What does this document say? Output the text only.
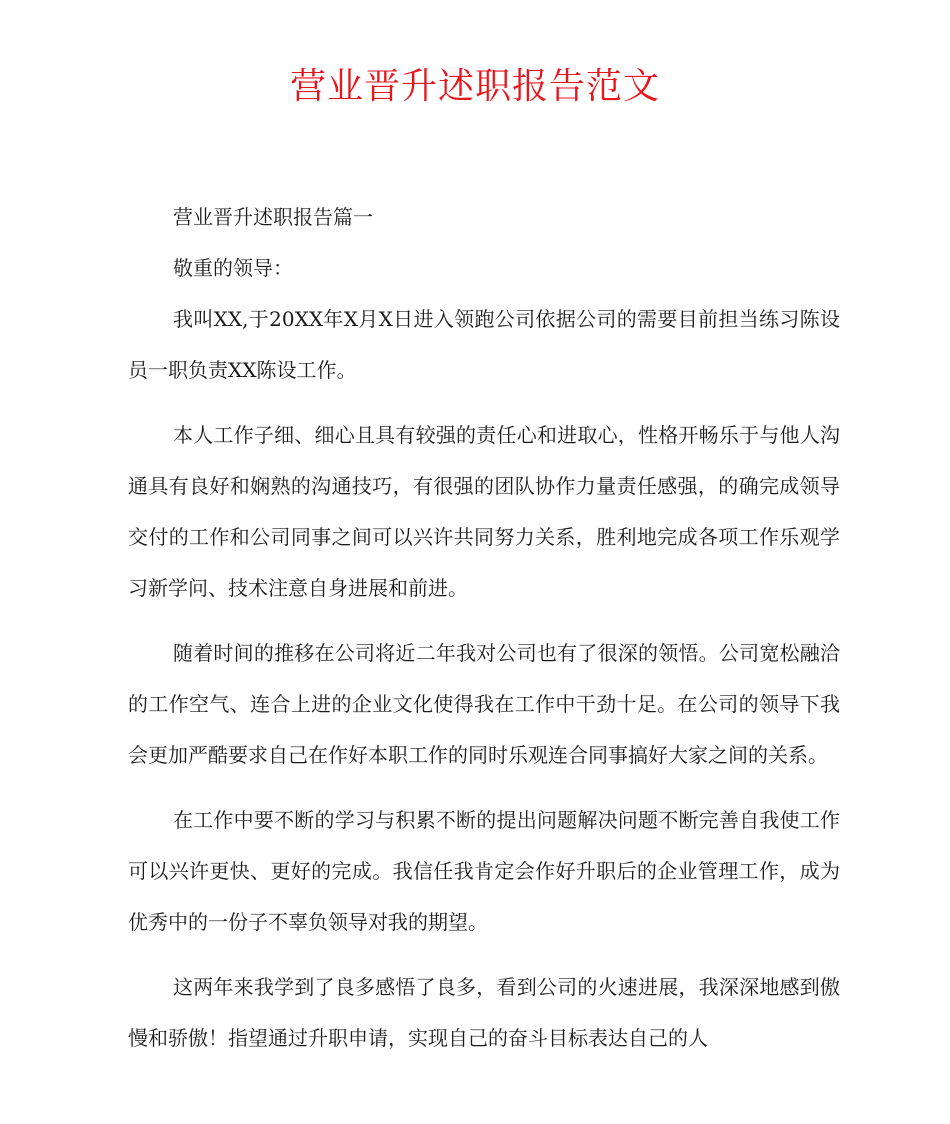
营业晋升述职报告范文

营业晋升述职报告篇一

敬重的领导：

我叫XX,于20XX年X月X日进入领跑公司依据公司的需要目前担当练习陈设员一职负责XX陈设工作。

本人工作子细、细心且具有较强的责任心和进取心，性格开畅乐于与他人沟通具有良好和娴熟的沟通技巧，有很强的团队协作力量责任感强，的确完成领导交付的工作和公司同事之间可以兴许共同努力关系，胜利地完成各项工作乐观学习新学问、技术注意自身进展和前进。

随着时间的推移在公司将近二年我对公司也有了很深的领悟。公司宽松融洽的工作空气、连合上进的企业文化使得我在工作中干劲十足。在公司的领导下我会更加严酷要求自己在作好本职工作的同时乐观连合同事搞好大家之间的关系。

在工作中要不断的学习与积累不断的提出问题解决问题不断完善自我使工作可以兴许更快、更好的完成。我信任我肯定会作好升职后的企业管理工作，成为优秀中的一份子不辜负领导对我的期望。

这两年来我学到了良多感悟了良多，看到公司的火速进展，我深深地感到傲慢和骄傲！指望通过升职申请，实现自己的奋斗目标表达自己的人
